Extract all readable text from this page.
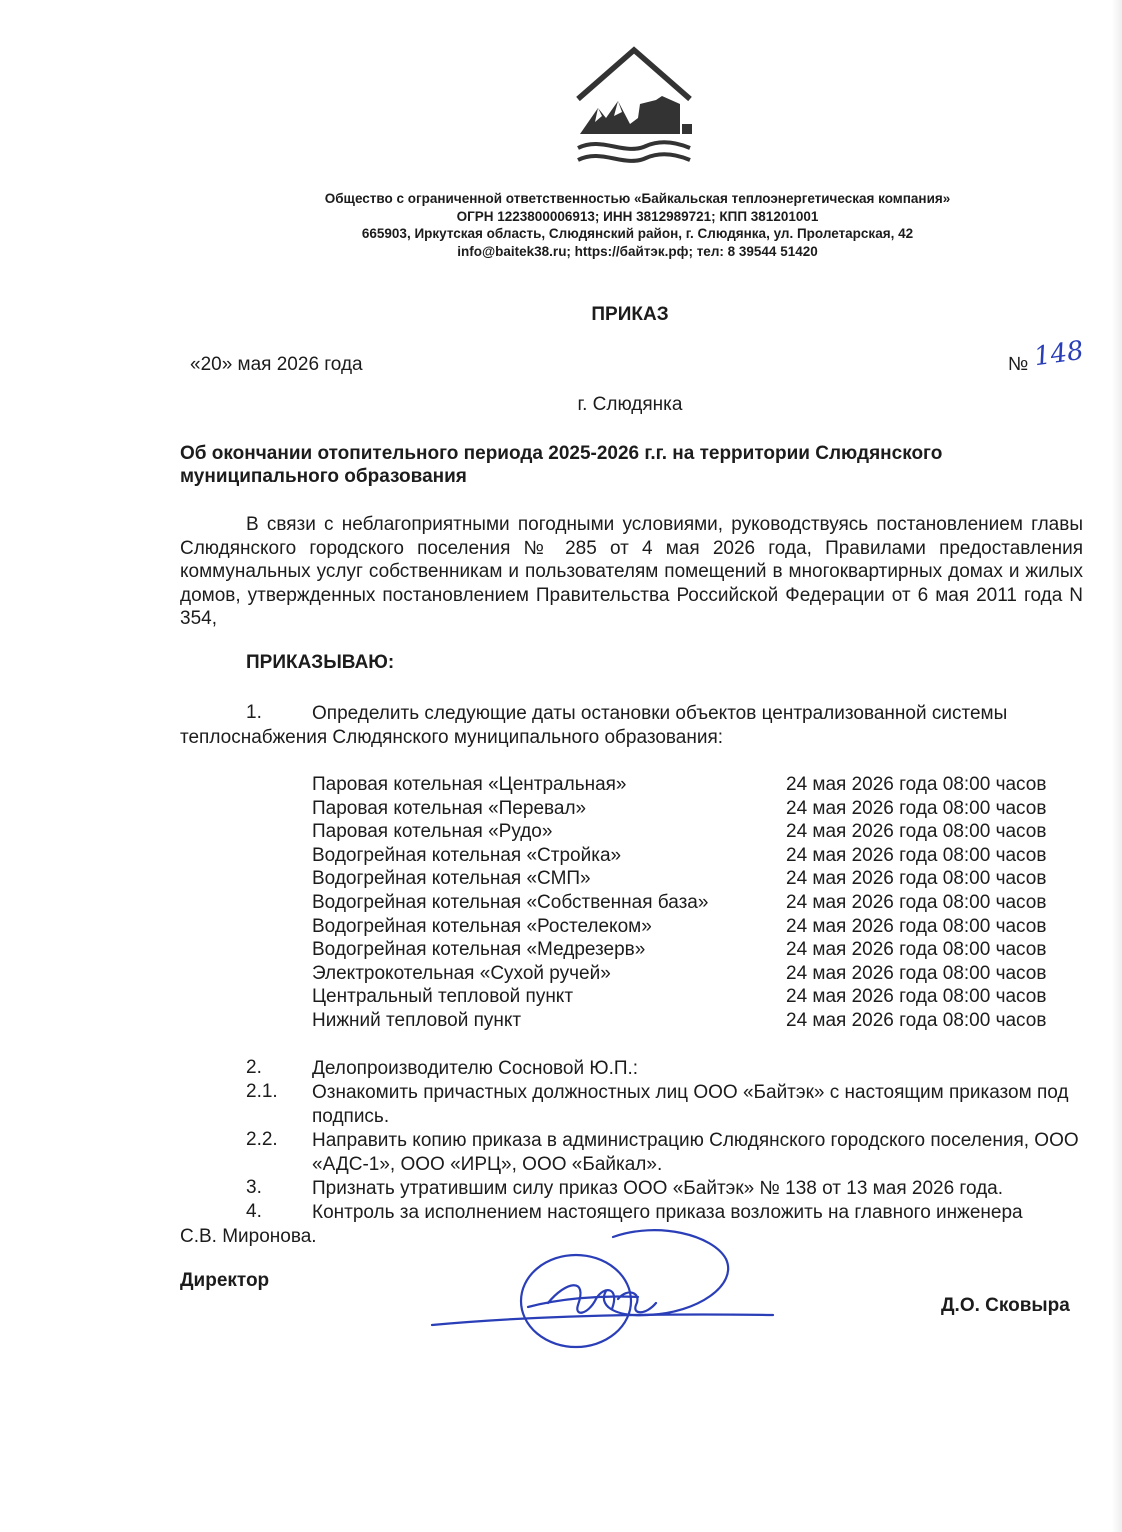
Общество с ограниченной ответственностью «Байкальская теплоэнергетическая компания»
ОГРН 1223800006913; ИНН 3812989721; КПП 381201001
665903, Иркутская область, Слюдянский район, г. Слюдянка, ул. Пролетарская, 42
info@baitek38.ru; https://байтэк.рф; тел: 8 39544 51420
ПРИКАЗ
«20» мая 2026 года	№ 148
г. Слюдянка
Об окончании отопительного периода 2025-2026 г.г. на территории Слюдянского муниципального образования
В связи с неблагоприятными погодными условиями, руководствуясь постановлением главы Слюдянского городского поселения № 285 от 4 мая 2026 года, Правилами предоставления коммунальных услуг собственникам и пользователям помещений в многоквартирных домах и жилых домов, утвержденных постановлением Правительства Российской Федерации от 6 мая 2011 года N 354,
ПРИКАЗЫВАЮ:
1.	Определить следующие даты остановки объектов централизованной системы теплоснабжения Слюдянского муниципального образования:
Паровая котельная «Центральная»	24 мая 2026 года 08:00 часов
Паровая котельная «Перевал»	24 мая 2026 года 08:00 часов
Паровая котельная «Рудо»	24 мая 2026 года 08:00 часов
Водогрейная котельная «Стройка»	24 мая 2026 года 08:00 часов
Водогрейная котельная «СМП»	24 мая 2026 года 08:00 часов
Водогрейная котельная «Собственная база»	24 мая 2026 года 08:00 часов
Водогрейная котельная «Ростелеком»	24 мая 2026 года 08:00 часов
Водогрейная котельная «Медрезерв»	24 мая 2026 года 08:00 часов
Электрокотельная «Сухой ручей»	24 мая 2026 года 08:00 часов
Центральный тепловой пункт	24 мая 2026 года 08:00 часов
Нижний тепловой пункт	24 мая 2026 года 08:00 часов
2.	Делопроизводителю Сосновой Ю.П.:
2.1. Ознакомить причастных должностных лиц ООО «Байтэк» с настоящим приказом под подпись.
2.2. Направить копию приказа в администрацию Слюдянского городского поселения, ООО «АДС-1», ООО «ИРЦ», ООО «Байкал».
3.	Признать утратившим силу приказ ООО «Байтэк» № 138 от 13 мая 2026 года.
4.	Контроль за исполнением настоящего приказа возложить на главного инженера
С.В. Миронова.
Директор
Д.О. Сковыра
